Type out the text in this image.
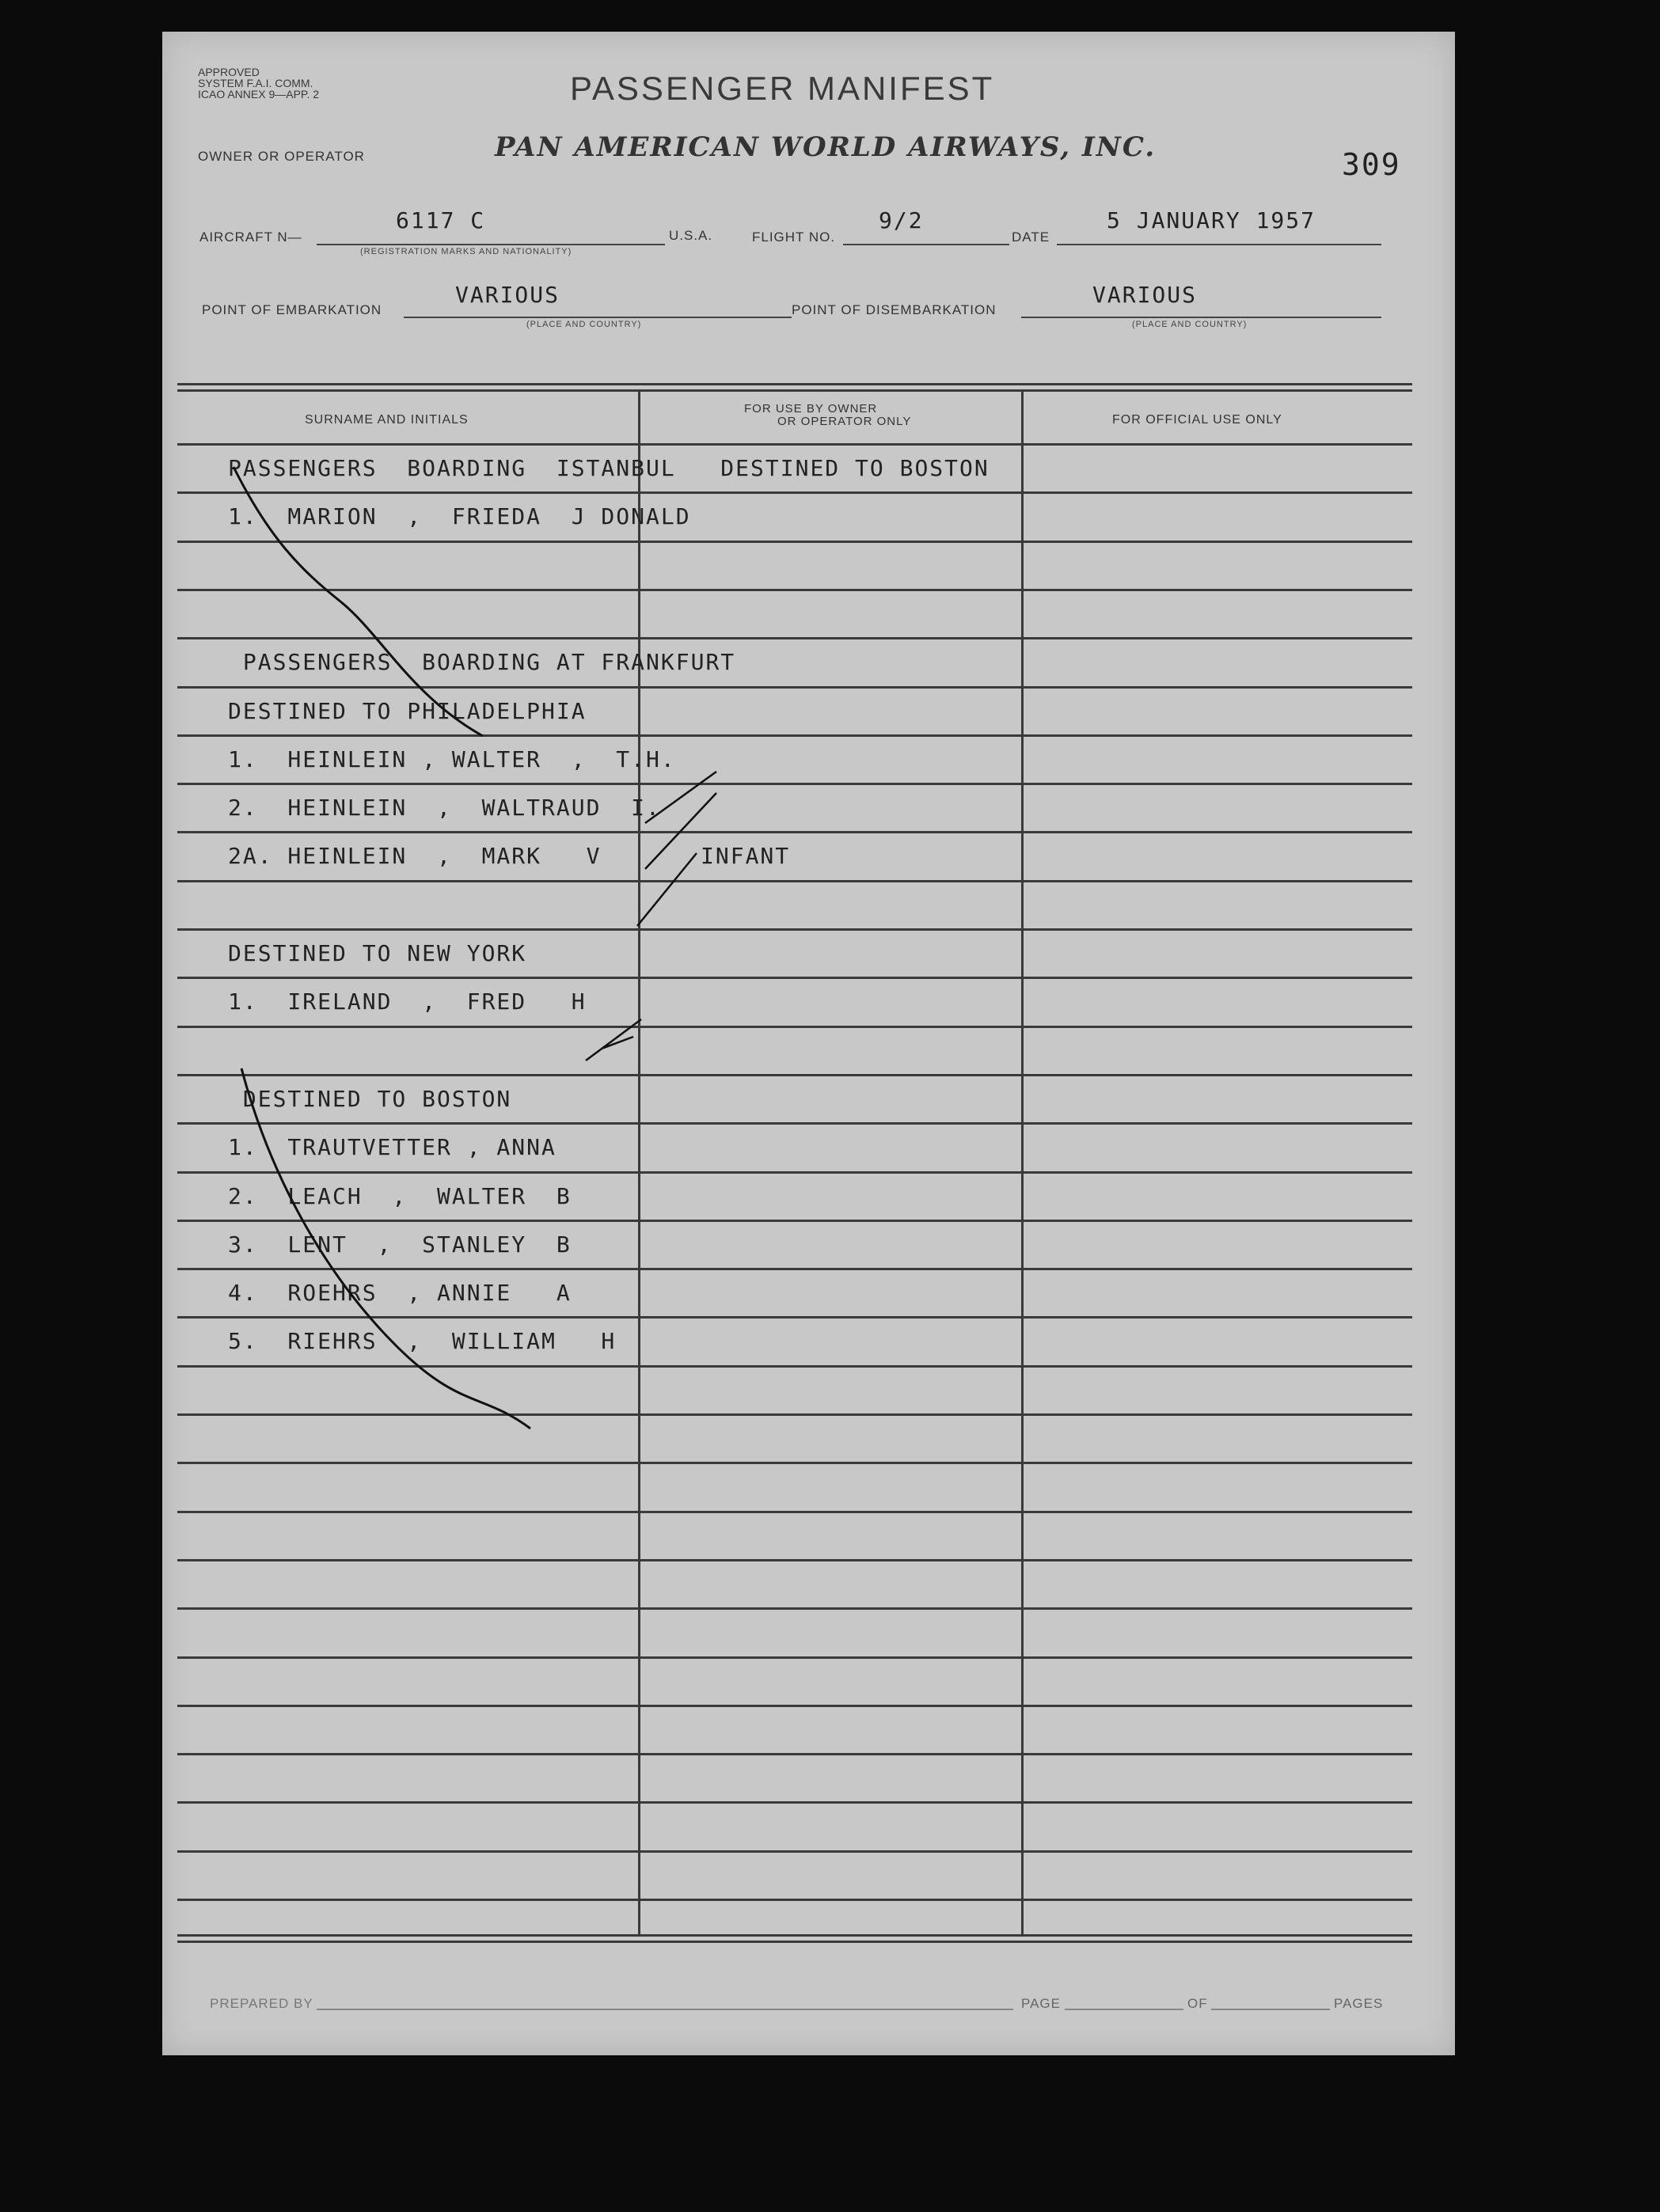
APPROVED
SYSTEM F.A.I. COMM.
ICAO ANNEX 9—APP. 2	PASSENGER MANIFEST
OWNER OR OPERATOR	PAN AMERICAN WORLD AIRWAYS, INC.	309
AIRCRAFT N—
6117 C
(REGISTRATION MARKS AND NATIONALITY)
U.S.A.	FLIGHT NO.
9/2
DATE
5 JANUARY 1957
POINT OF EMBARKATION
VARIOUS
(PLACE AND COUNTRY)
POINT OF DISEMBARKATION
VARIOUS
(PLACE AND COUNTRY)
SURNAME AND INITIALS
FOR USE BY OWNER
OR OPERATOR ONLY	FOR OFFICIAL USE ONLY
PASSENGERS  BOARDING  ISTANBUL   DESTINED TO BOSTON
1.  MARION  ,  FRIEDA  J DONALD
PASSENGERS  BOARDING AT FRANKFURT
DESTINED TO PHILADELPHIA
1.  HEINLEIN , WALTER  ,  T.H.
2.  HEINLEIN  ,  WALTRAUD  I.
2A. HEINLEIN  ,  MARK   V	INFANT
DESTINED TO NEW YORK
1.  IRELAND  ,  FRED   H
DESTINED TO BOSTON
1.  TRAUTVETTER , ANNA
2.  LEACH  ,  WALTER  B
3.  LENT  ,  STANLEY  B
4.  ROEHRS  , ANNIE   A
5.  RIEHRS  ,  WILLIAM   H
PREPARED BY	PAGE	OF	PAGES
